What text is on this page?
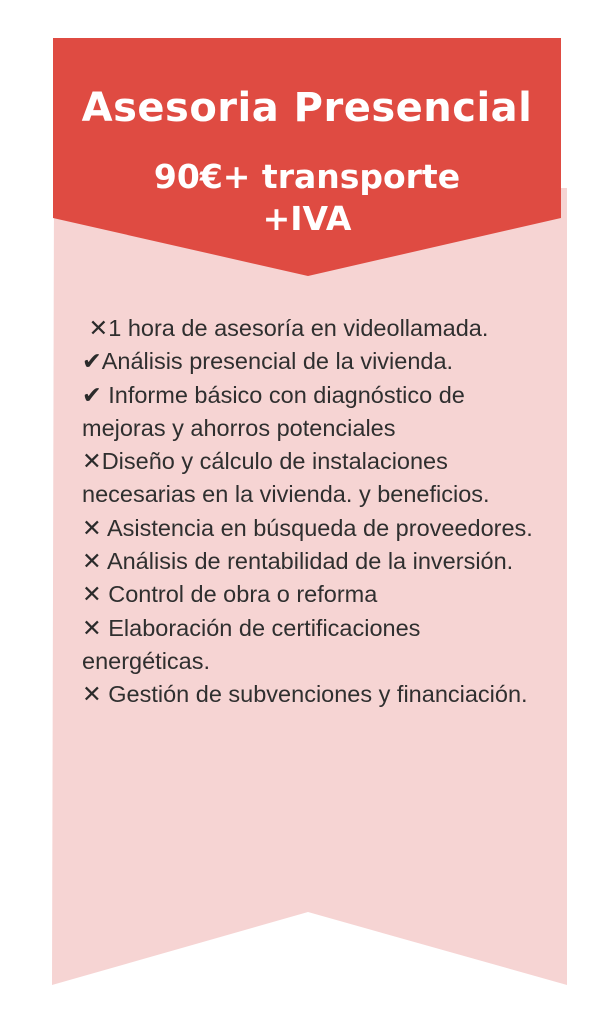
Asesoria Presencial
90€+ transporte
+IVA
✕1 hora de asesoría en videollamada.
✔Análisis presencial de la vivienda.
✔ Informe básico con diagnóstico de mejoras y ahorros potenciales
✕Diseño y cálculo de instalaciones necesarias en la vivienda. y beneficios.
✕ Asistencia en búsqueda de proveedores.
✕ Análisis de rentabilidad de la inversión.
✕ Control de obra o reforma
✕ Elaboración de certificaciones energéticas.
✕ Gestión de subvenciones y financiación.
